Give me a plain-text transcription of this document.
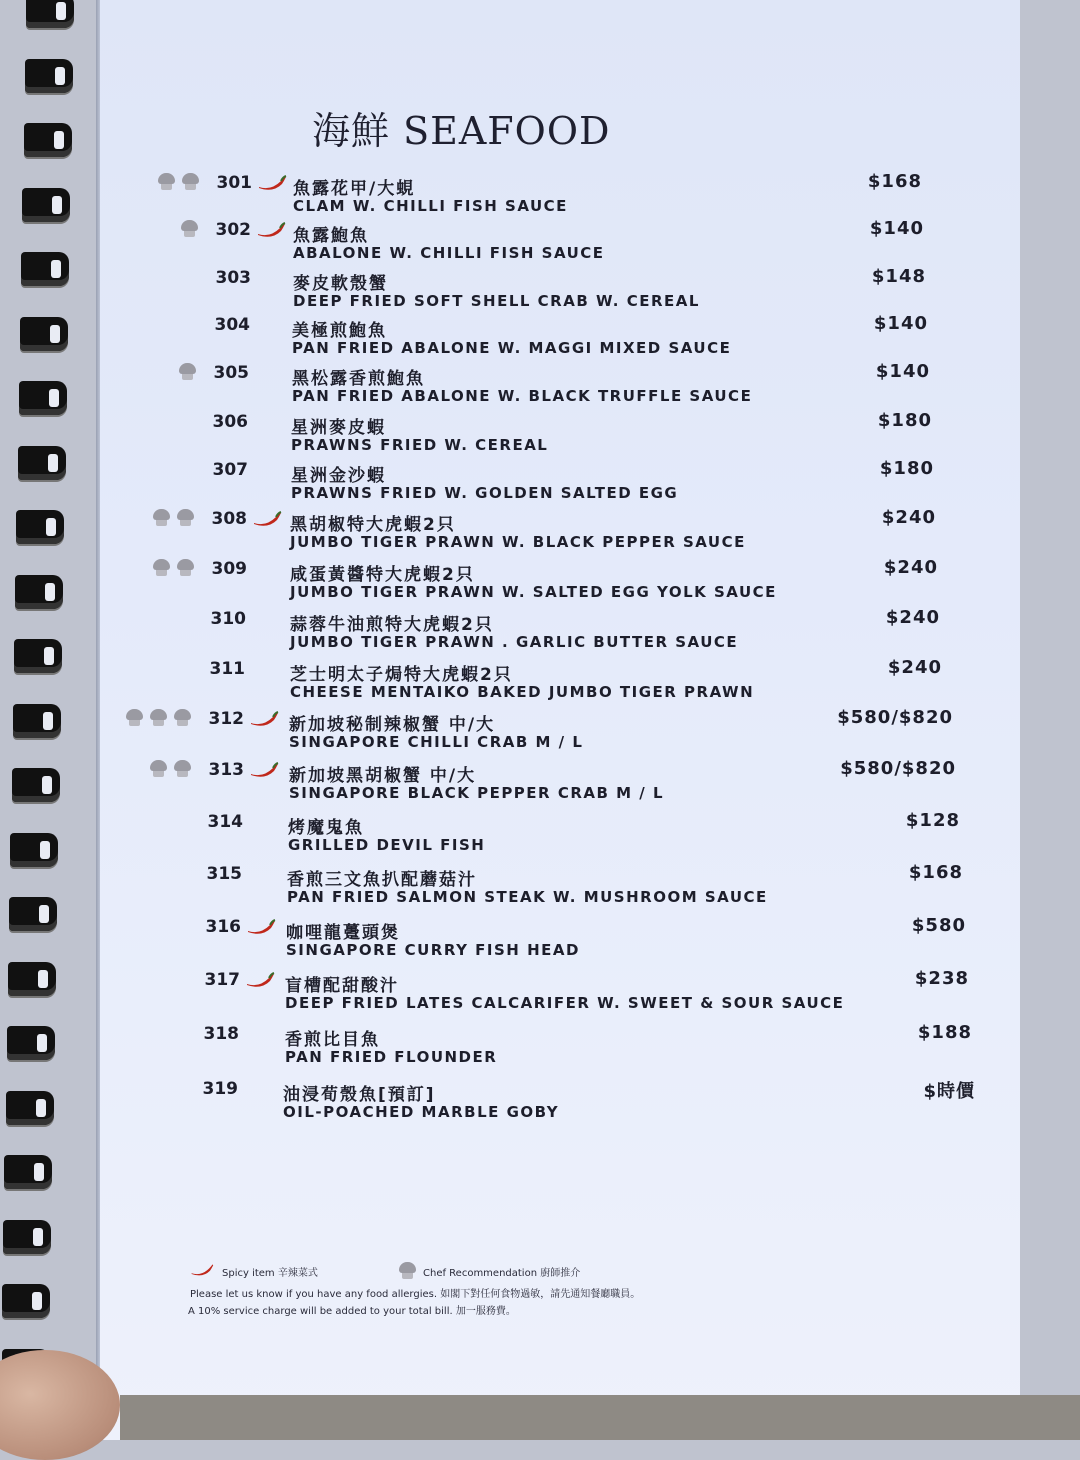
海鮮 SEAFOOD
301 魚露花甲/大蜆
CLAM W. CHILLI FISH SAUCE
$168
302 魚露鮑魚
ABALONE W. CHILLI FISH SAUCE
$140
303 麥皮軟殼蟹
DEEP FRIED SOFT SHELL CRAB W. CEREAL
$148
304 美極煎鮑魚
PAN FRIED ABALONE W. MAGGI MIXED SAUCE
$140
305	黑松露香煎鮑魚
PAN FRIED ABALONE W. BLACK TRUFFLE SAUCE
$140
306	星洲麥皮蝦
PRAWNS FRIED W. CEREAL
$180
307	星洲金沙蝦
PRAWNS FRIED W. GOLDEN SALTED EGG
$180
308	黑胡椒特大虎蝦2只
JUMBO TIGER PRAWN W. BLACK PEPPER SAUCE
$240
309	咸蛋黃醬特大虎蝦2只
JUMBO TIGER PRAWN W. SALTED EGG YOLK SAUCE
$240
310	蒜蓉牛油煎特大虎蝦2只
JUMBO TIGER PRAWN . GARLIC BUTTER SAUCE
$240
311	芝士明太子焗特大虎蝦2只
CHEESE MENTAIKO BAKED JUMBO TIGER PRAWN
$240
312	新加坡秘制辣椒蟹 中/大
SINGAPORE CHILLI CRAB M / L
$580/$820
313	新加坡黑胡椒蟹 中/大
SINGAPORE BLACK PEPPER CRAB M / L
$580/$820
314	烤魔鬼魚
GRILLED DEVIL FISH
$128
315	香煎三文魚扒配蘑菇汁
PAN FRIED SALMON STEAK W. MUSHROOM SAUCE
$168
316	咖哩龍躉頭煲
SINGAPORE CURRY FISH HEAD
$580
317	盲槽配甜酸汁
DEEP FRIED LATES CALCARIFER W. SWEET & SOUR SAUCE
$238
318	香煎比目魚
PAN FRIED FLOUNDER
$188
319	油浸荀殼魚[預訂]
OIL-POACHED MARBLE GOBY
$時價
Spicy item 辛辣菜式	Chef Recommendation 廚師推介
Please let us know if you have any food allergies. 如閣下對任何食物過敏，請先通知餐廳職員。
A 10% service charge will be added to your total bill. 加一服務費。
